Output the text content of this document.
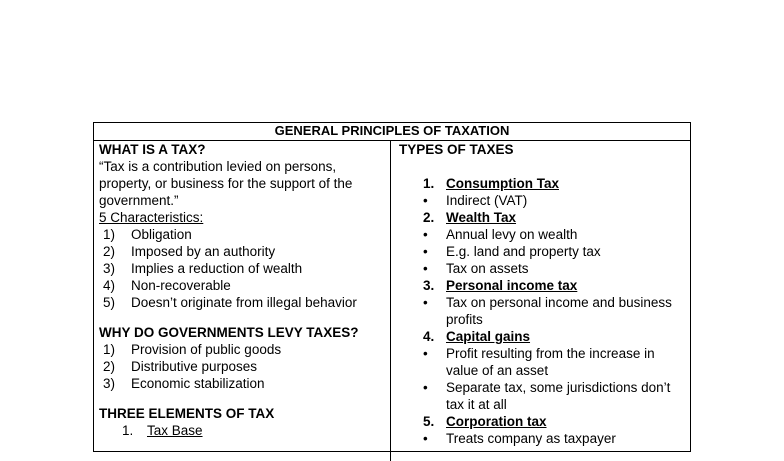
GENERAL PRINCIPLES OF TAXATION
WHAT IS A TAX?
“Tax is a contribution levied on persons,
property, or business for the support of the
government.”
5 Characteristics:
1) Obligation
2) Imposed by an authority
3) Implies a reduction of wealth
4) Non-recoverable
5) Doesn’t originate from illegal behavior
WHY DO GOVERNMENTS LEVY TAXES?
1) Provision of public goods
2) Distributive purposes
3) Economic stabilization
THREE ELEMENTS OF TAX
1. Tax Base
TYPES OF TAXES
1. Consumption Tax
• Indirect (VAT)
2. Wealth Tax
• Annual levy on wealth
• E.g. land and property tax
• Tax on assets
3. Personal income tax
• Tax on personal income and business profits
4. Capital gains
• Profit resulting from the increase in value of an asset
• Separate tax, some jurisdictions don’t tax it at all
5. Corporation tax
• Treats company as taxpayer
